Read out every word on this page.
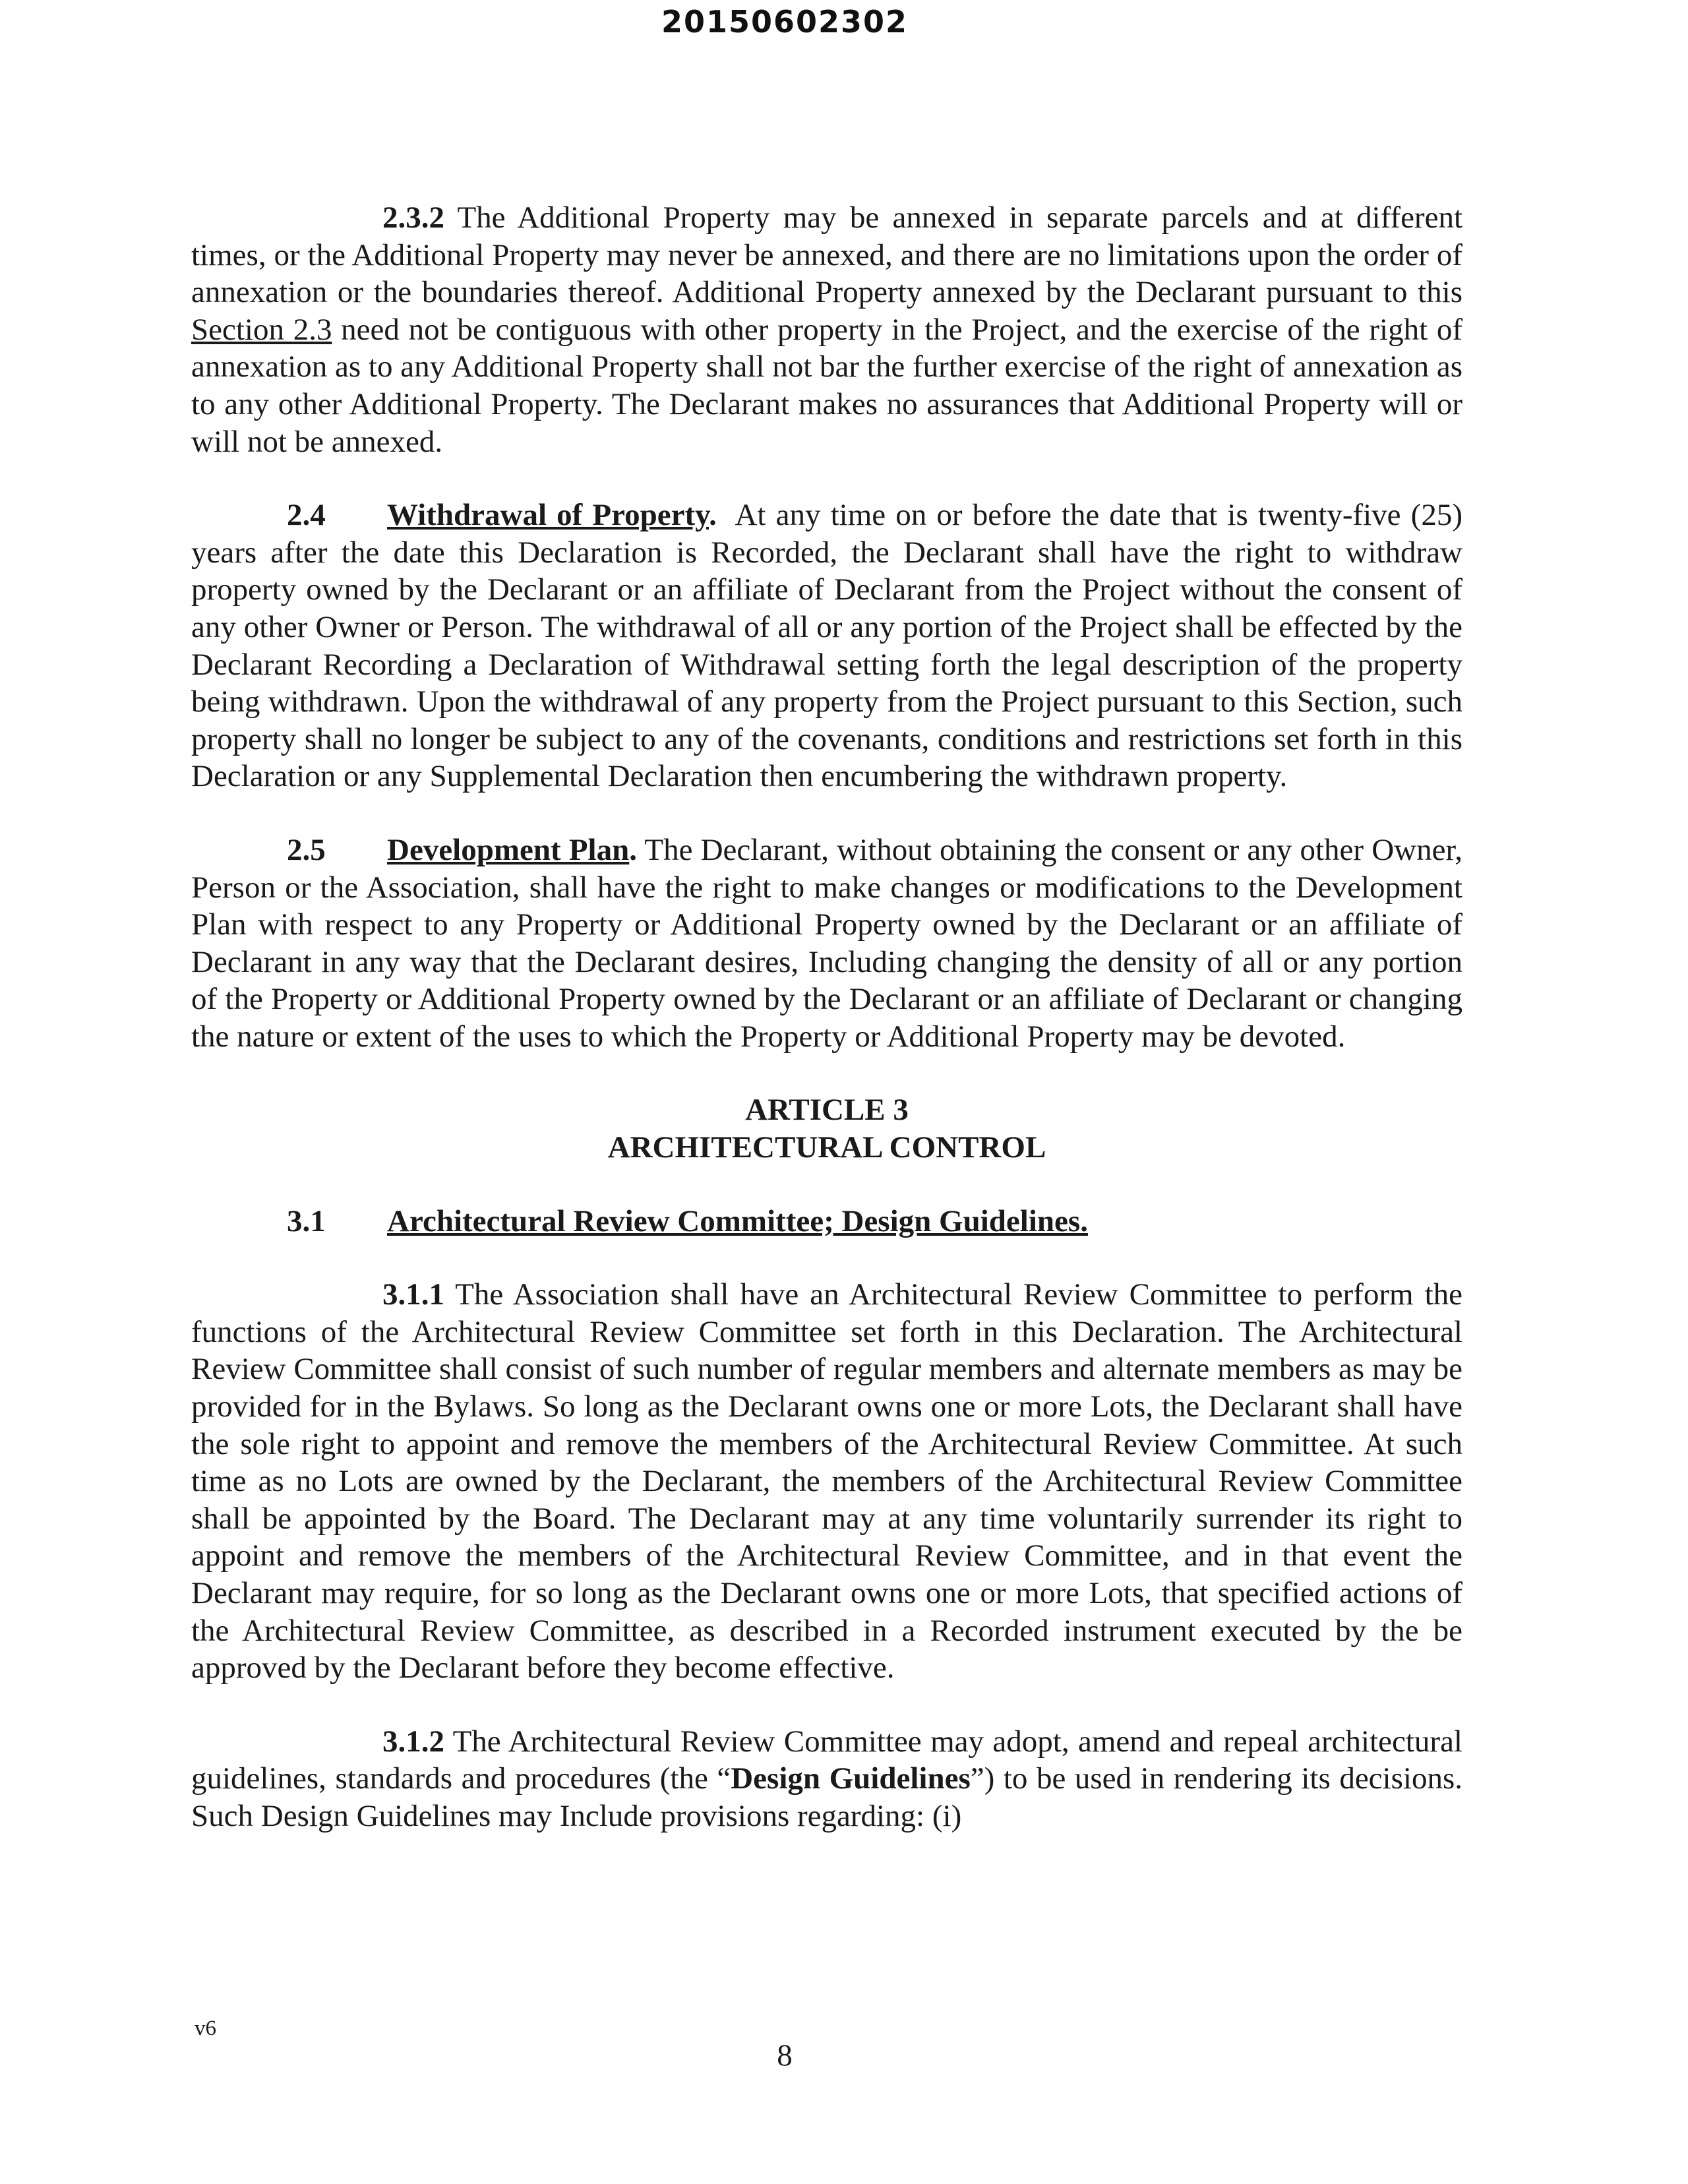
20150602302

2.3.2 The Additional Property may be annexed in separate parcels and at different times, or the Additional Property may never be annexed, and there are no limitations upon the order of annexation or the boundaries thereof. Additional Property annexed by the Declarant pursuant to this Section 2.3 need not be contiguous with other property in the Project, and the exercise of the right of annexation as to any Additional Property shall not bar the further exercise of the right of annexation as to any other Additional Property. The Declarant makes no assurances that Additional Property will or will not be annexed.

2.4 Withdrawal of Property. At any time on or before the date that is twenty-five (25) years after the date this Declaration is Recorded, the Declarant shall have the right to withdraw property owned by the Declarant or an affiliate of Declarant from the Project without the consent of any other Owner or Person. The withdrawal of all or any portion of the Project shall be effected by the Declarant Recording a Declaration of Withdrawal setting forth the legal description of the property being withdrawn. Upon the withdrawal of any property from the Project pursuant to this Section, such property shall no longer be subject to any of the covenants, conditions and restrictions set forth in this Declaration or any Supplemental Declaration then encumbering the withdrawn property.

2.5 Development Plan. The Declarant, without obtaining the consent or any other Owner, Person or the Association, shall have the right to make changes or modifications to the Development Plan with respect to any Property or Additional Property owned by the Declarant or an affiliate of Declarant in any way that the Declarant desires, Including changing the density of all or any portion of the Property or Additional Property owned by the Declarant or an affiliate of Declarant or changing the nature or extent of the uses to which the Property or Additional Property may be devoted.

ARTICLE 3

ARCHITECTURAL CONTROL

3.1 Architectural Review Committee; Design Guidelines.

3.1.1 The Association shall have an Architectural Review Committee to perform the functions of the Architectural Review Committee set forth in this Declaration. The Architectural Review Committee shall consist of such number of regular members and alternate members as may be provided for in the Bylaws. So long as the Declarant owns one or more Lots, the Declarant shall have the sole right to appoint and remove the members of the Architectural Review Committee. At such time as no Lots are owned by the Declarant, the members of the Architectural Review Committee shall be appointed by the Board. The Declarant may at any time voluntarily surrender its right to appoint and remove the members of the Architectural Review Committee, and in that event the Declarant may require, for so long as the Declarant owns one or more Lots, that specified actions of the Architectural Review Committee, as described in a Recorded instrument executed by the be approved by the Declarant before they become effective.

3.1.2 The Architectural Review Committee may adopt, amend and repeal architectural guidelines, standards and procedures (the “Design Guidelines”) to be used in rendering its decisions. Such Design Guidelines may Include provisions regarding: (i)

v6
8
